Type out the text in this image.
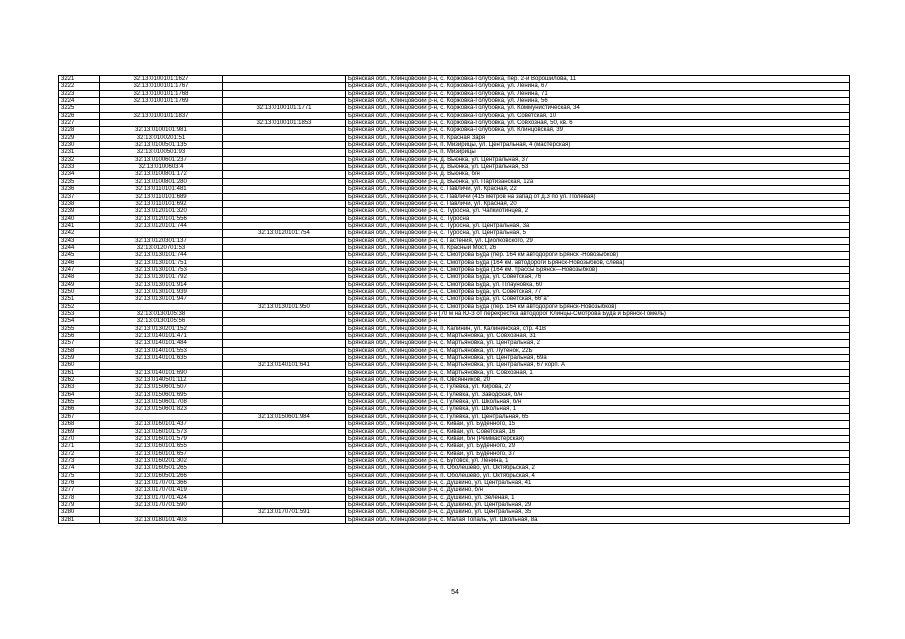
3221	32:13:0100101:1627		Брянская обл., Клинцовский р-н, с. Коржовка-Голубовка, пер. 2-й Ворошилова, 11
3222	32:13:0100101:1767		Брянская обл., Клинцовский р-н, с. Коржовка-Голубовка, ул. Ленина, 67
3223	32:13:0100101:1768		Брянская обл., Клинцовский р-н, с. Коржовка-Голубовка, ул. Ленина, 71
3224	32:13:0100101:1769		Брянская обл., Клинцовский р-н, с. Коржовка-Голубовка, ул. Ленина, 56
3225		32:13:0100101:1771	Брянская обл., Клинцовский р-н, с. Коржовка-Голубовка, ул. Коммунистическая, 34
3226	32:13:0100101:1837		Брянская обл., Клинцовский р-н, с. Коржовка-Голубовка, ул. Советская, 10
3227		32:13:0100101:1853	Брянская обл., Клинцовский р-н, с. Коржовка-Голубовка, ул. Совхозная, 50, кв. 6
3228	32:13:0100101:981		Брянская обл., Клинцовский р-н, с. Коржовка-Голубовка, ул. Клинцовская, 39
3229	32:13:0100201:51		Брянская обл., Клинцовский р-н, п. Красная Заря
3230	32:13:0100501:135		Брянская обл., Клинцовский р-н, п. Мизирицы, ул. Центральная, 4 (мастерская)
3231	32:13:0100501:93		Брянская обл., Клинцовский р-н, п. Мизирицы
3232	32:13:0100601:237		Брянская обл., Клинцовский р-н, д. Вьюнка, ул. Центральная, 37
3233	32:13:0100603:4		Брянская обл., Клинцовский р-н, д. Вьюнка, ул. Центральная, 53
3234	32:13:0100801:172		Брянская обл., Клинцовский р-н, д. Вьюнка, б/н
3235	32:13:0100801:280		Брянская обл., Клинцовский р-н, д. Вьюнка, ул. Партизанская, 12а
3236	32:13:0110101:481		Брянская обл., Клинцовский р-н, с. Павличи, ул. Красная, 22
3237	32:13:0110101:689		Брянская обл., Клинцовский р-н, с. Павличи (415 метров на запад от д.3 по ул. Полевая)
3238	32:13:0110101:692		Брянская обл., Клинцовский р-н, с. Павличи, ул. Красная, 20
3239	32:13:0120101:320		Брянская обл., Клинцовский р-н, с. Туросна, ул. Чапкиотинцев, 2
3240	32:13:0120101:556		Брянская обл., Клинцовский р-н, с. Туросна
3241	32:13:0120101:744		Брянская обл., Клинцовский р-н, с. Туросна, ул. Центральная, 3а
3242		32:13:0120101:754	Брянская обл., Клинцовский р-н, с. Туросна, ул. Центральная, 5
3243	32:13:0120301:137		Брянская обл., Клинцовский р-н, с. Гастения, ул. Циолковского, 29
3244	32:13:0120701:53		Брянская обл., Клинцовский р-н, п. Красный Мост, 26
3245	32:13:0130101:744		Брянская обл., Клинцовский р-н, с. Смотрова Буда (пер. 164 км автодороги Брянск -Новозыбков)
3246	32:13:0130101:751		Брянская обл., Клинцовский р-н, с. Смотрова Буда (164 км. автодороги Брянск-Новозыбков, слева)
3247	32:13:0130101:753		Брянская обл., Клинцовский р-н, с. Смотрова Буда (164 км. трассы Брянск—Новозыбков)
3248	32:13:0130101:792		Брянская обл., Клинцовский р-н, с. Смотрова Буда, ул. Советская, 76
3249	32:13:0130101:914		Брянская обл., Клинцовский р-н, с. Смотрова Буда, ул. Плауновка, 60
3250	32:13:0130101:939		Брянская обл., Клинцовский р-н, с. Смотрова Буда, ул. Советская, 77
3251	32:13:0130101:947		Брянская обл., Клинцовский р-н, с. Смотрова Буда, ул. Советская, 66"а"
3252		32:13:0130101:950	Брянская обл., Клинцовский р-н, с. Смотрова Буда (пер. 164 км автодороги Брянск-Новозыбков)
3253	32:13:0130105:38		Брянская обл., Клинцовский р-н (70 м на Ю-З от перекрестка автодорог Клинцы-Смотрова Буда и Брянск-Гомель)
3254	32:13:0130105:56		Брянская обл., Клинцовский р-н
3255	32:13:0130201:152		Брянская обл., Клинцовский р-н, п. Калинин, ул. Калининская, стр. 41В
3256	32:13:0140101:471		Брянская обл., Клинцовский р-н, с. Мартьяновка, ул. Совхозная, 31
3257	32:13:0140101:484		Брянская обл., Клинцовский р-н, с. Мартьяновка, ул. Центральная, 2
3258	32:13:0140101:553		Брянская обл., Клинцовский р-н, с. Мартьяновка, ул. Лутенок, 22Б
3259	32:13:0140101:635		Брянская обл., Клинцовский р-н, с. Мартьяновка, ул. Центральная, 69а
3260		32:13:0140101:641	Брянская обл., Клинцовский р-н, с. Мартьяновка, ул. Центральная, 67 корп. А
3261	32:13:0140101:690		Брянская обл., Клинцовский р-н, с. Мартьяновка, ул. Совхозная, 1
3262	32:13:0140501:112		Брянская обл., Клинцовский р-н, п. Овсянников, 20
3263	32:13:0150601:507		Брянская обл., Клинцовский р-н, с. Гулевка, ул. Кирова, 27
3264	32:13:0150601:695		Брянская обл., Клинцовский р-н, с. Гулевка, ул. Заводская, б/н
3265	32:13:0150601:708		Брянская обл., Клинцовский р-н, с. Гулевка, ул. Школьная, б/н
3266	32:13:0150601:823		Брянская обл., Клинцовский р-н, с. Гулевка, ул. Школьная, 1
3267		32:13:0150601:984	Брянская обл., Клинцовский р-н, с. Гулевка, ул. Центральная, 65
3268	32:13:0160101:437		Брянская обл., Клинцовский р-н, с. Киваи, ул. Буденного, 15
3269	32:13:0160101:573		Брянская обл., Клинцовский р-н, с. Киваи, ул. Советская, 16
3270	32:13:0160101:579		Брянская обл., Клинцовский р-н, с. Киваи, б/н (Реммастерская)
3271	32:13:0160101:655		Брянская обл., Клинцовский р-н, с. Киваи, ул. Буденного, 29
3272	32:13:0160101:657		Брянская обл., Клинцовский р-н, с. Киваи, ул. Буденного, 37
3273	32:13:0160201:302		Брянская обл., Клинцовский р-н, с. Бутовск, ул. Ленина, 1
3274	32:13:0160501:265		Брянская обл., Клинцовский р-н, п. Оболешево, ул. Октябрьская, 2
3275	32:13:0160501:266		Брянская обл., Клинцовский р-н, п. Оболешево, ул. Октябрьская, 4
3276	32:13:0170701:366		Брянская обл., Клинцовский р-н, с. Душкино, ул. Центральная, 41
3277	32:13:0170701:419		Брянская обл., Клинцовский р-н, с. Душкино, б/н
3278	32:13:0170701:424		Брянская обл., Клинцовский р-н, с. Душкино, ул. Зеленая, 1
3279	32:13:0170701:590		Брянская обл., Клинцовский р-н, с. Душкино, ул. Центральная, 29
3280		32:13:0170701:591	Брянская обл., Клинцовский р-н, с. Душкино, ул. Центральная, 35
3281	32:13:0180101:403		Брянская обл., Клинцовский р-н, с. Малая Топаль, ул. Школьная, 8а
54
